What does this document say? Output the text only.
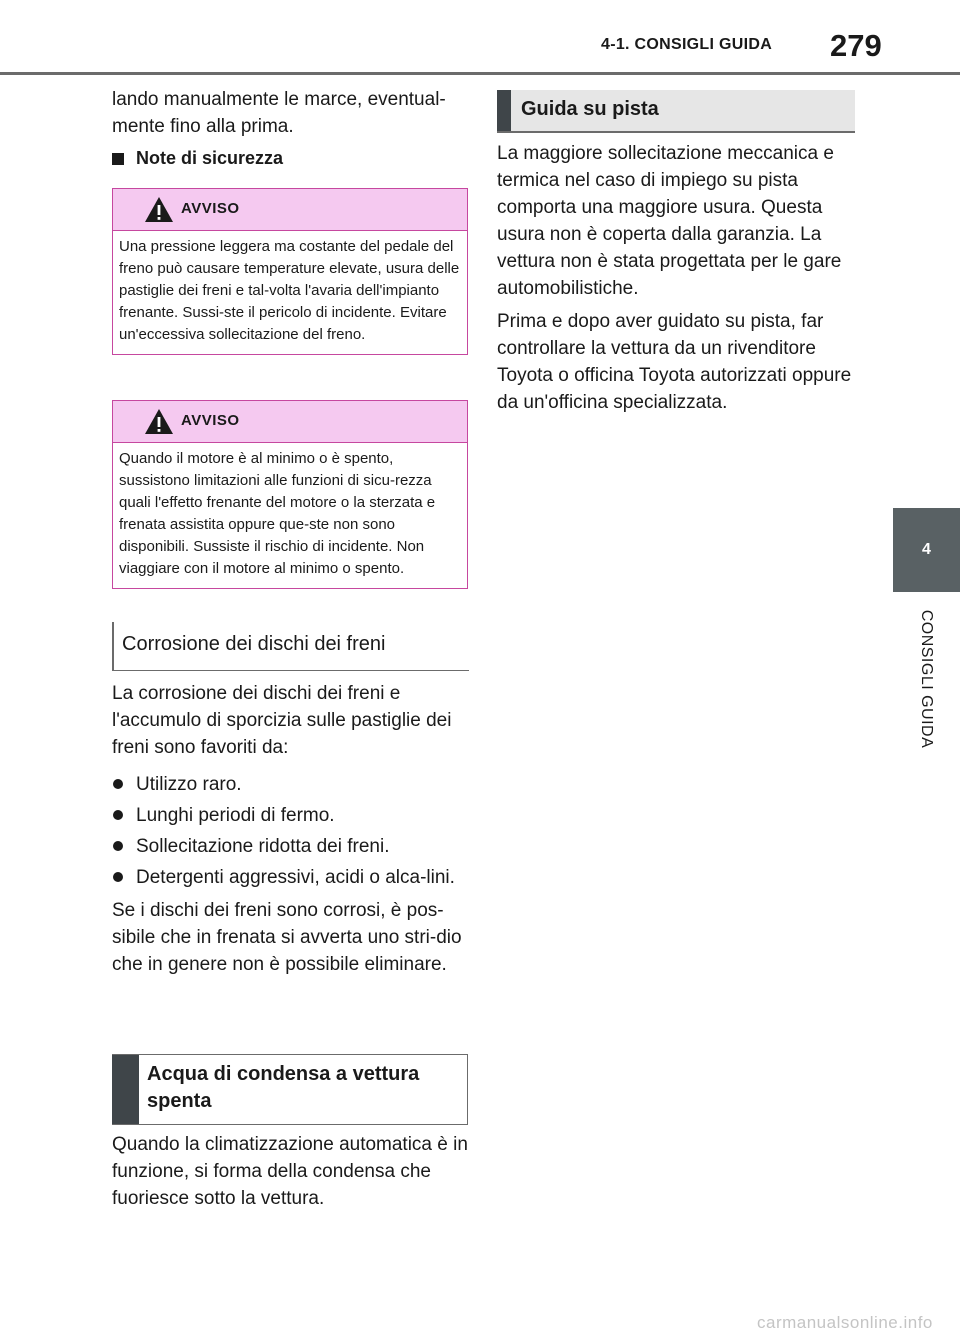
4-1. CONSIGLI GUIDA 279
4
CONSIGLI GUIDA

lando manualmente le marce, eventual-mente fino alla prima.

Note di sicurezza
AVVISO
Una pressione leggera ma costante del pedale del freno può causare temperature elevate, usura delle pastiglie dei freni e tal-volta l'avaria dell'impianto frenante. Sussi-ste il pericolo di incidente. Evitare un'eccessiva sollecitazione del freno.
AVVISO
Quando il motore è al minimo o è spento, sussistono limitazioni alle funzioni di sicu-rezza quali l'effetto frenante del motore o la sterzata e frenata assistita oppure que-ste non sono disponibili. Sussiste il rischio di incidente. Non viaggiare con il motore al minimo o spento.
Corrosione dei dischi dei freni

La corrosione dei dischi dei freni e l'accumulo di sporcizia sulle pastiglie dei freni sono favoriti da:

Utilizzo raro.
Lunghi periodi di fermo.
Sollecitazione ridotta dei freni.
Detergenti aggressivi, acidi o alca-lini.

Se i dischi dei freni sono corrosi, è pos-sibile che in frenata si avverta uno stri-dio che in genere non è possibile eliminare.

Acqua di condensa a vettura spenta

Quando la climatizzazione automatica è in funzione, si forma della condensa che fuoriesce sotto la vettura.

Guida su pista

La maggiore sollecitazione meccanica e termica nel caso di impiego su pista comporta una maggiore usura. Questa usura non è coperta dalla garanzia. La vettura non è stata progettata per le gare automobilistiche.

Prima e dopo aver guidato su pista, far controllare la vettura da un rivenditore Toyota o officina Toyota autorizzati oppure da un'officina specializzata.

carmanualsonline.info
